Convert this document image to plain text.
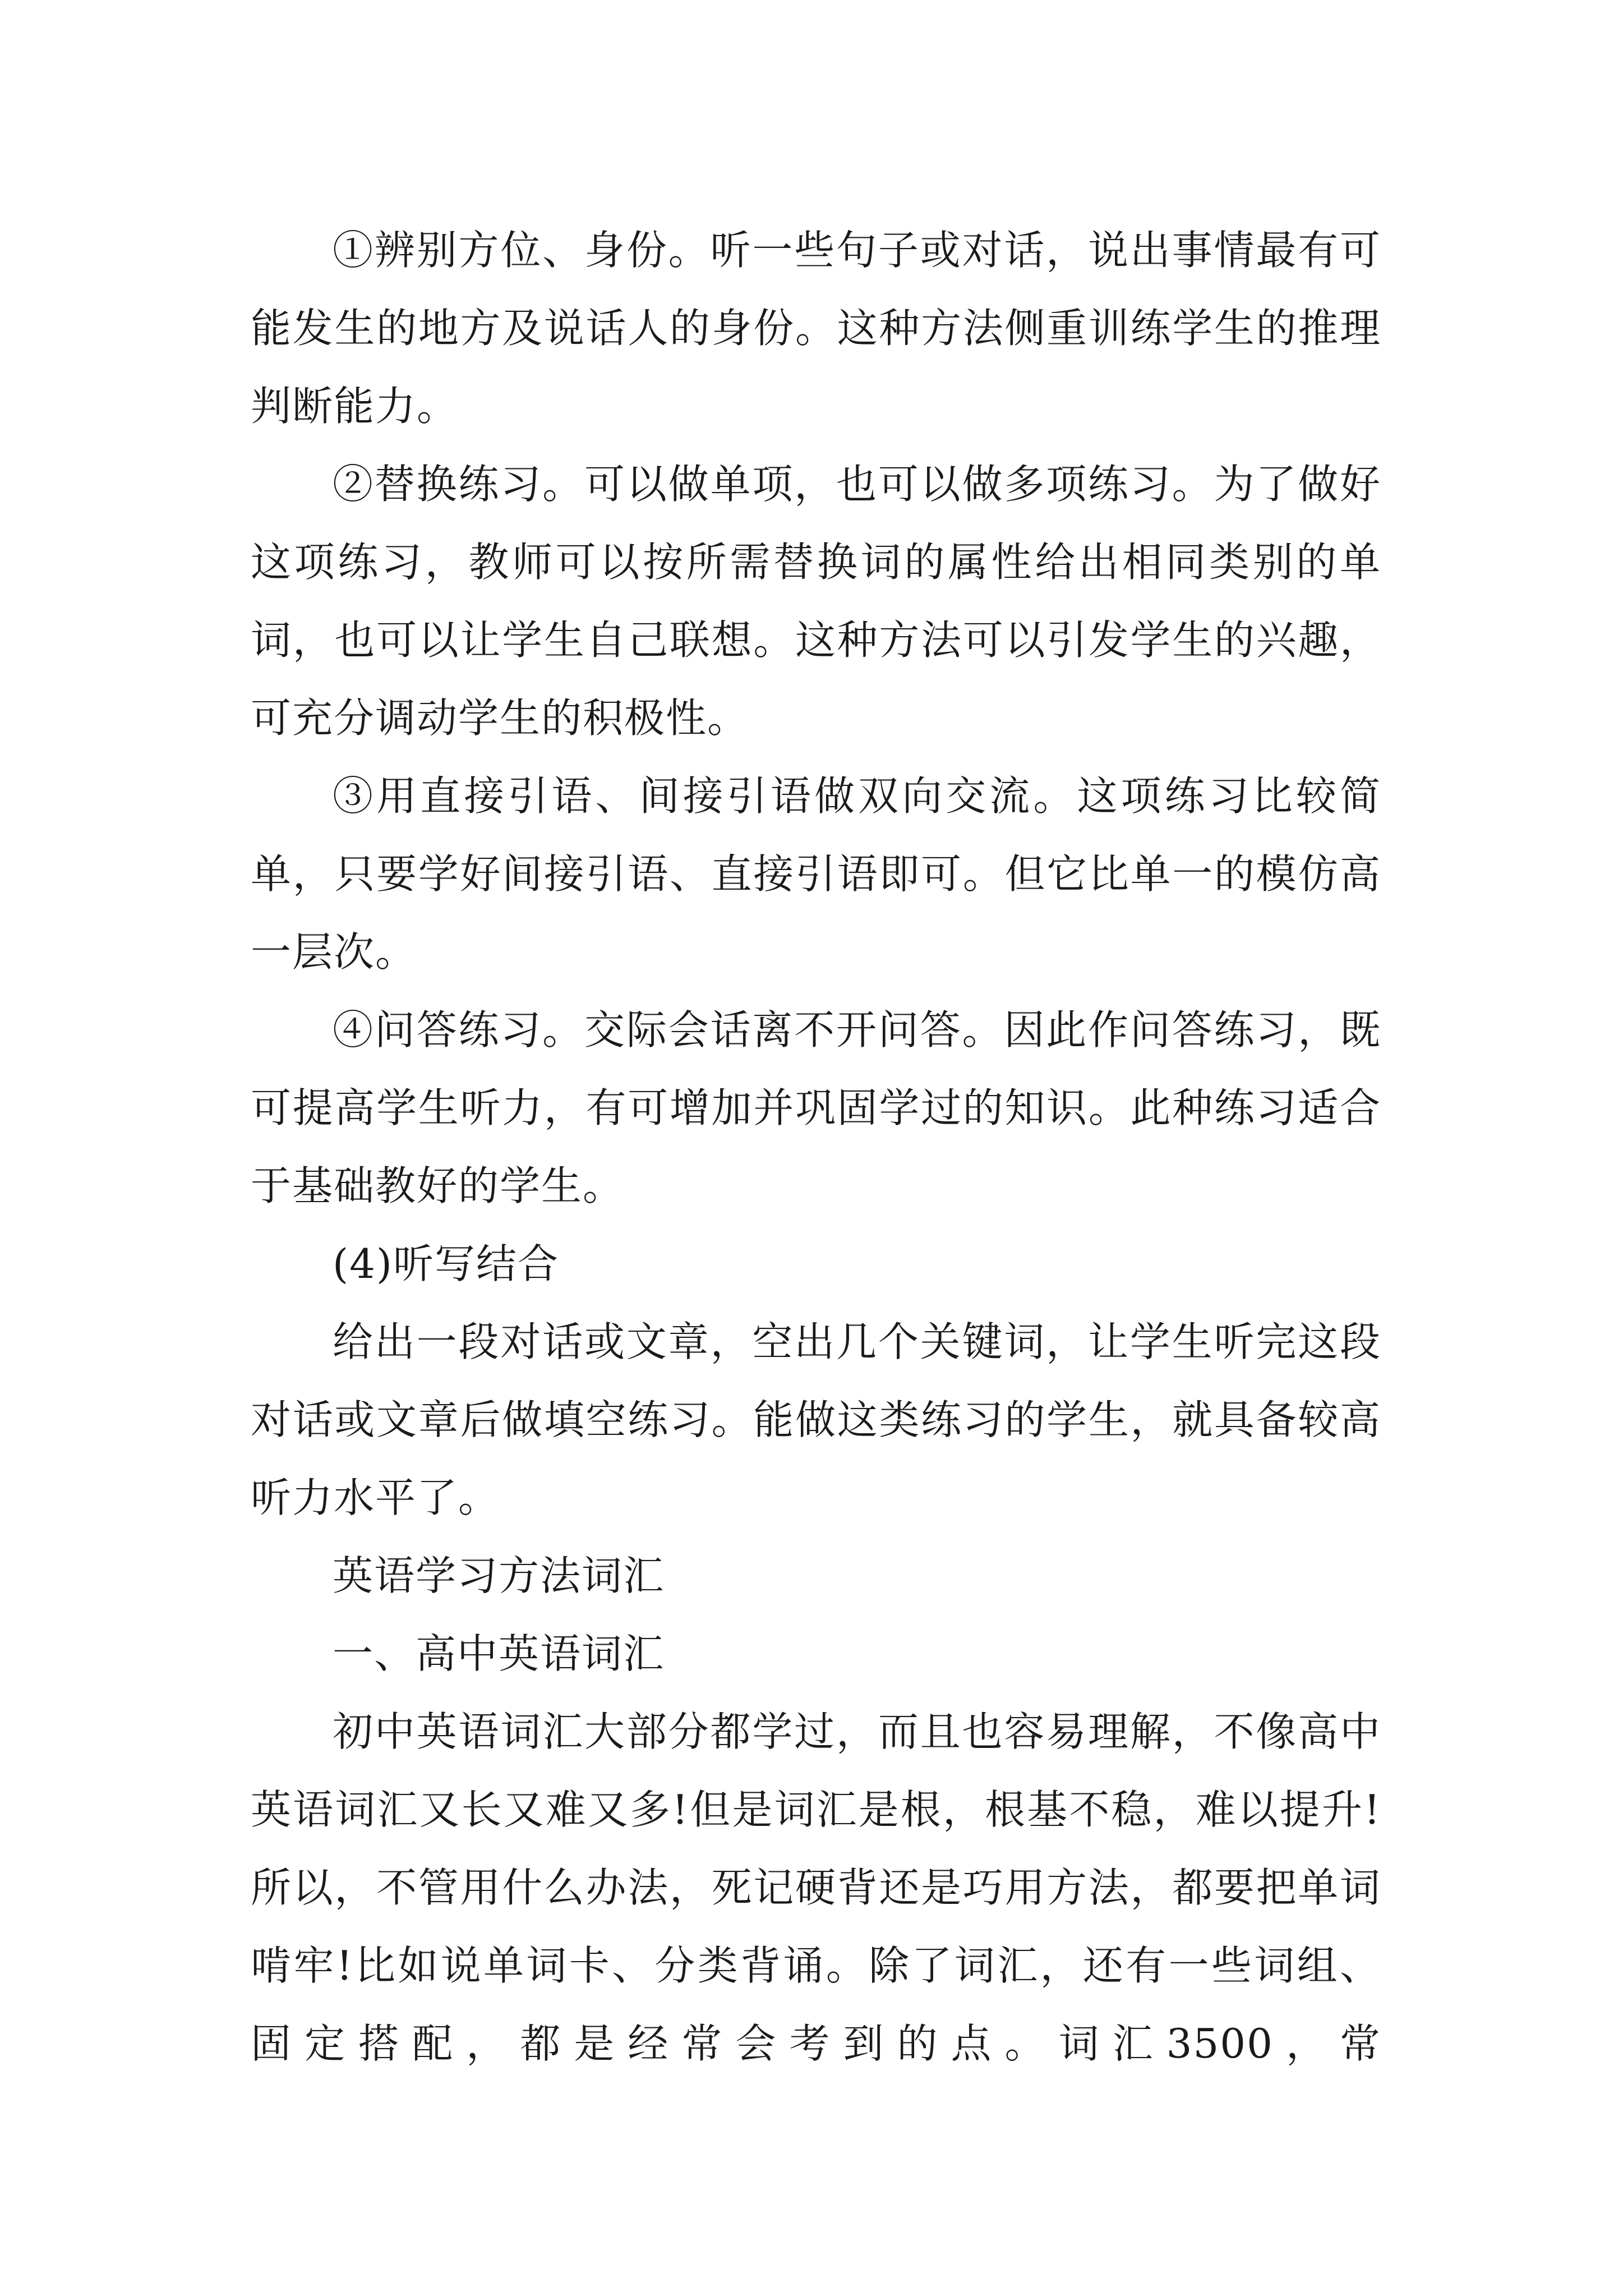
①辨别方位、身份。听一些句子或对话，说出事情最有可能发生的地方及说话人的身份。这种方法侧重训练学生的推理判断能力。

②替换练习。可以做单项，也可以做多项练习。为了做好这项练习，教师可以按所需替换词的属性给出相同类别的单词，也可以让学生自己联想。这种方法可以引发学生的兴趣，可充分调动学生的积极性。

③用直接引语、间接引语做双向交流。这项练习比较简单，只要学好间接引语、直接引语即可。但它比单一的模仿高一层次。

④问答练习。交际会话离不开问答。因此作问答练习，既可提高学生听力，有可增加并巩固学过的知识。此种练习适合于基础教好的学生。

(4)听写结合

给出一段对话或文章，空出几个关键词，让学生听完这段对话或文章后做填空练习。能做这类练习的学生，就具备较高听力水平了。

英语学习方法词汇

一、高中英语词汇

初中英语词汇大部分都学过，而且也容易理解，不像高中英语词汇又长又难又多!但是词汇是根，根基不稳，难以提升!所以，不管用什么办法，死记硬背还是巧用方法，都要把单词啃牢!比如说单词卡、分类背诵。除了词汇，还有一些词组、固定搭配，都是经常会考到的点。词汇3500，常
